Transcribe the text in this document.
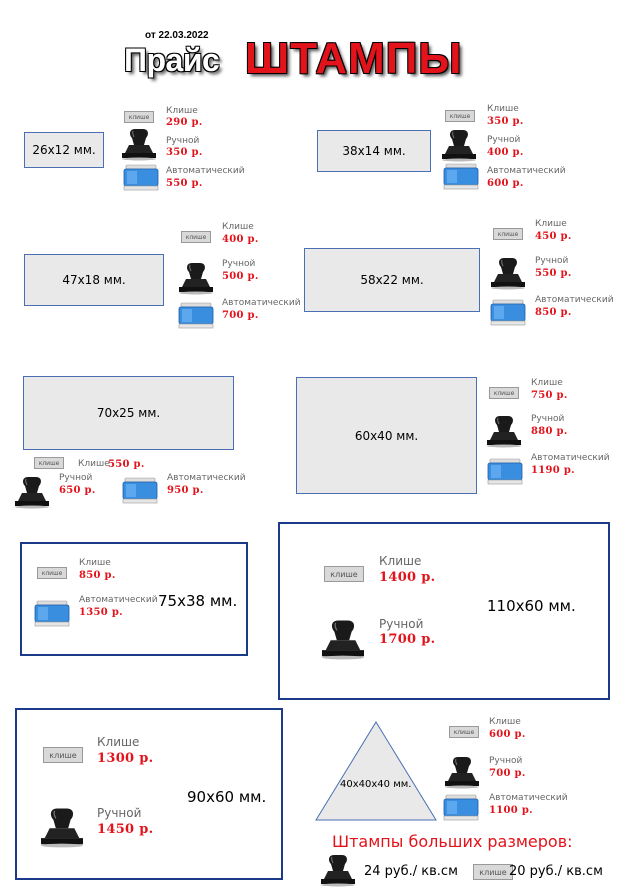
от 22.03.2022
Прайс ШТАМПЫ
26x12 мм.
клише
Клише
290 р.
Ручной
350 р.
Автоматический
550 р.
38x14 мм.
клише
Клише
350 р.
Ручной
400 р.
Автоматический
600 р.
47x18 мм.
клише
Клише
400 р.
Ручной
500 р.
Автоматический
700 р.
58x22 мм.
клише
Клише
450 р.
Ручной
550 р.
Автоматический
850 р.
70x25 мм.
клише	Клише
550 р.
Ручной
650 р.
Автоматический
950 р.
60x40 мм.
клише
Клише
750 р.
Ручной
880 р.
Автоматический
1190 р.
клише
Клише
850 р.
Автоматический
1350 р.
75x38 мм.
клише
Клише
1400 р.
Ручной
1700 р.
110x60 мм.
клише
Клише
1300 р.
Ручной
1450 р.
90x60 мм.
40x40x40 мм.
клише
Клише
600 р.
Ручной
700 р.
Автоматический
1100 р.
Штампы больших размеров:
24 руб./ кв.см	клише 20 руб./ кв.см
